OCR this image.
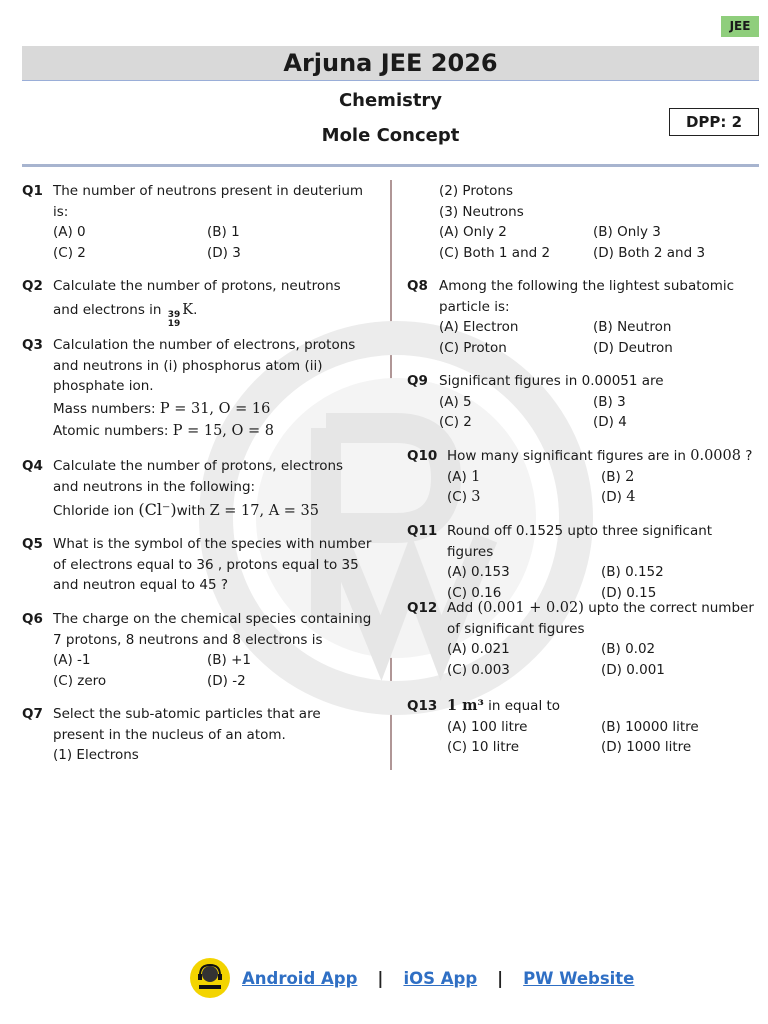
JEE
Arjuna JEE 2026
Chemistry
Mole Concept
DPP: 2
Q1 The number of neutrons present in deuterium
is:
(A) 0	(B) 1
(C) 2	(D) 3
Q2 Calculate the number of protons, neutrons
and electrons in 39
19
K.
Q3 Calculation the number of electrons, protons
and neutrons in (i) phosphorus atom (ii)
phosphate ion.
Mass numbers: P = 31, O = 16
Atomic numbers: P = 15, O = 8
Q4 Calculate the number of protons, electrons
and neutrons in the following:
Chloride ion (Cl⁻)with Z = 17, A = 35
Q5 What is the symbol of the species with number
of electrons equal to 36 , protons equal to 35
and neutron equal to 45 ?
Q6 The charge on the chemical species containing
7 protons, 8 neutrons and 8 electrons is
(A) -1	(B) +1
(C) zero	(D) -2
Q7 Select the sub-atomic particles that are
present in the nucleus of an atom.
(1) Electrons
(2) Protons
(3) Neutrons
(A) Only 2	(B) Only 3
(C) Both 1 and 2	(D) Both 2 and 3
Q8 Among the following the lightest subatomic
particle is:
(A) Electron	(B) Neutron
(C) Proton	(D) Deutron
Q9 Significant figures in 0.00051 are
(A) 5	(B) 3
(C) 2	(D) 4
Q10 How many significant figures are in 0.0008 ?
(A) 1	(B) 2
(C) 3	(D) 4
Q11 Round off 0.1525 upto three significant figures
(A) 0.153	(B) 0.152
(C) 0.16	(D) 0.15
Q12 Add (0.001 + 0.02) upto the correct number
of significant figures
(A) 0.021	(B) 0.02
(C) 0.003	(D) 0.001
Q13 1 m³ in equal to
(A) 100 litre	(B) 10000 litre
(C) 10 litre	(D) 1000 litre
Android App | iOS App | PW Website
